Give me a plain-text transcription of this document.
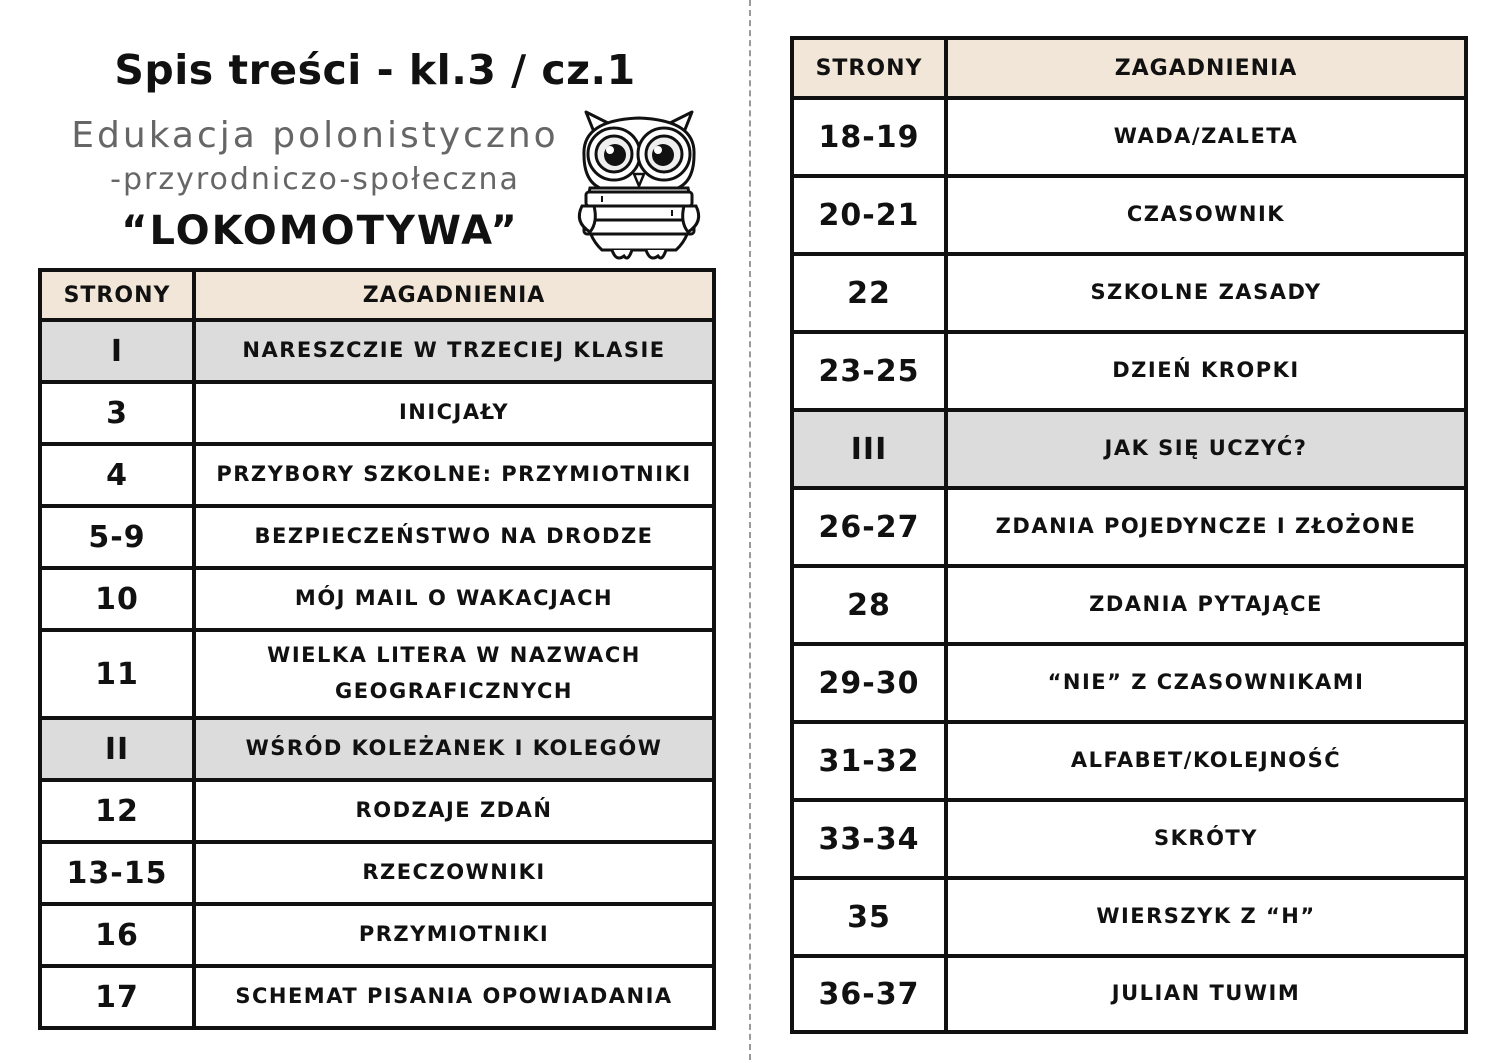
Spis treści - kl.3 / cz.1
Edukacja polonistyczno
-przyrodniczo-społeczna
“LOKOMOTYWA”
STRONY	ZAGADNIENIA
I	NARESZCZIE W TRZECIEJ KLASIE
3	INICJAŁY
4	PRZYBORY SZKOLNE: PRZYMIOTNIKI
5-9	BEZPIECZEŃSTWO NA DRODZE
10	MÓJ MAIL O WAKACJACH
11	WIELKA LITERA W NAZWACH GEOGRAFICZNYCH
II	WŚRÓD KOLEŻANEK I KOLEGÓW
12	RODZAJE ZDAŃ
13-15	RZECZOWNIKI
16	PRZYMIOTNIKI
17	SCHEMAT PISANIA OPOWIADANIA
STRONY	ZAGADNIENIA
18-19	WADA/ZALETA
20-21	CZASOWNIK
22	SZKOLNE ZASADY
23-25	DZIEŃ KROPKI
III	JAK SIĘ UCZYĆ?
26-27	ZDANIA POJEDYNCZE I ZŁOŻONE
28	ZDANIA PYTAJĄCE
29-30	“NIE” Z CZASOWNIKAMI
31-32	ALFABET/KOLEJNOŚĆ
33-34	SKRÓTY
35	WIERSZYK Z “H”
36-37	JULIAN TUWIM
